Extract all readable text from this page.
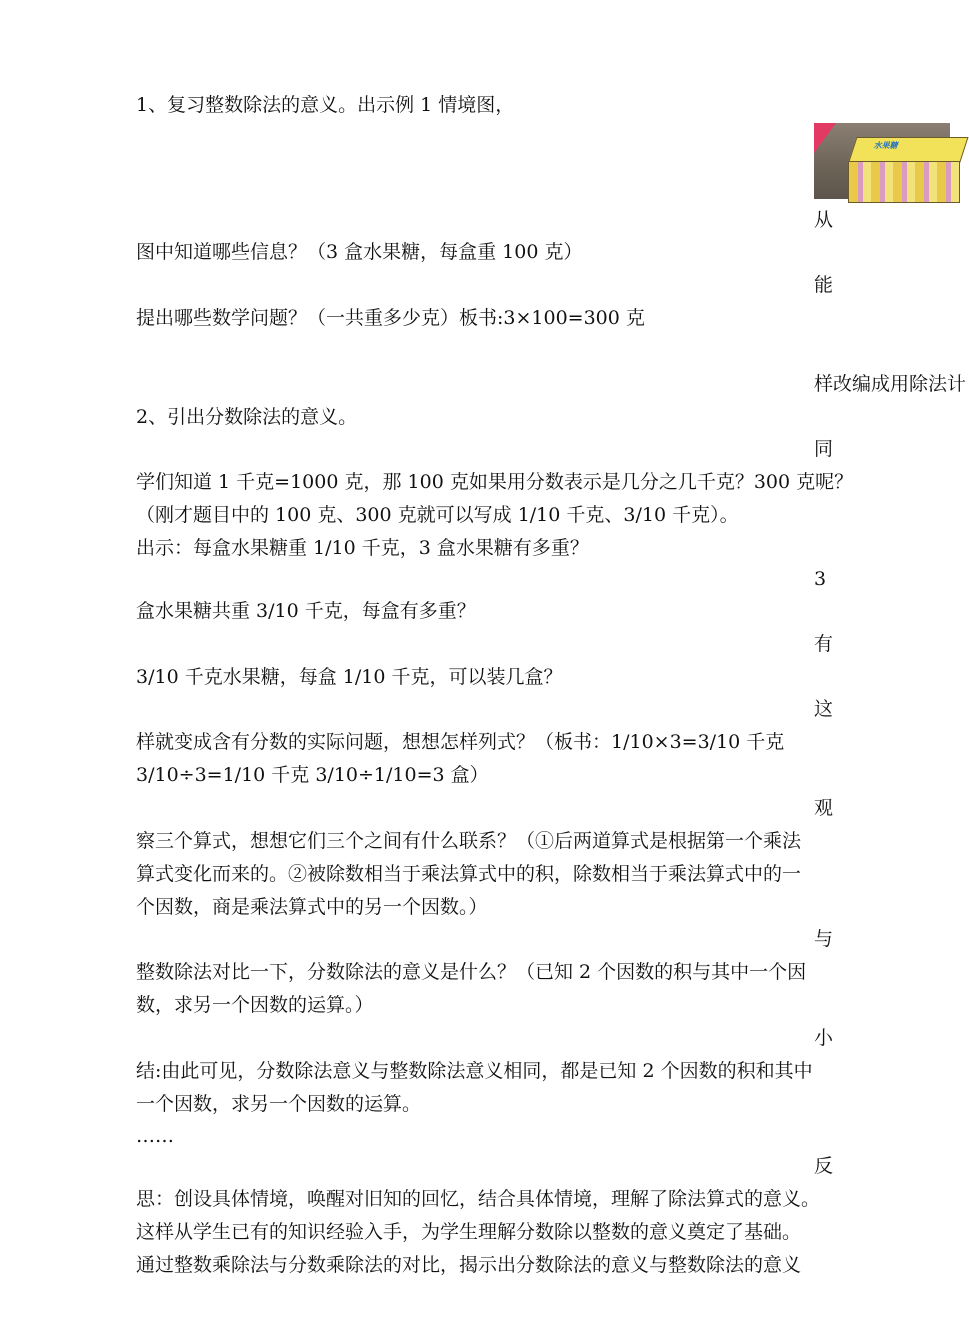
1、复习整数除法的意义。出示例 1 情境图，
图中知道哪些信息？（3 盒水果糖，每盒重 100 克）
提出哪些数学问题？（一共重多少克）板书:3×100=300 克
2、引出分数除法的意义。
学们知道 1 千克=1000 克，那 100 克如果用分数表示是几分之几千克？300 克呢？
（刚才题目中的 100 克、300 克就可以写成 1/10 千克、3/10 千克）。
出示：每盒水果糖重 1/10 千克，3 盒水果糖有多重？
盒水果糖共重 3/10 千克，每盒有多重？
3/10 千克水果糖，每盒 1/10 千克，可以装几盒？
样就变成含有分数的实际问题，想想怎样列式？（板书：1/10×3=3/10 千克
3/10÷3=1/10 千克 3/10÷1/10=3 盒）
察三个算式，想想它们三个之间有什么联系？（①后两道算式是根据第一个乘法
算式变化而来的。②被除数相当于乘法算式中的积，除数相当于乘法算式中的一
个因数，商是乘法算式中的另一个因数。）
整数除法对比一下，分数除法的意义是什么？（已知 2 个因数的积与其中一个因
数，求另一个因数的运算。）
结:由此可见，分数除法意义与整数除法意义相同，都是已知 2 个因数的积和其中
一个因数，求另一个因数的运算。
……
思：创设具体情境，唤醒对旧知的回忆，结合具体情境，理解了除法算式的意义。
这样从学生已有的知识经验入手，为学生理解分数除以整数的意义奠定了基础。
通过整数乘除法与分数乘除法的对比，揭示出分数除法的意义与整数除法的意义
水果糖
从
能
样改编成用除法计
同
3
有
这
观
与
小
反
